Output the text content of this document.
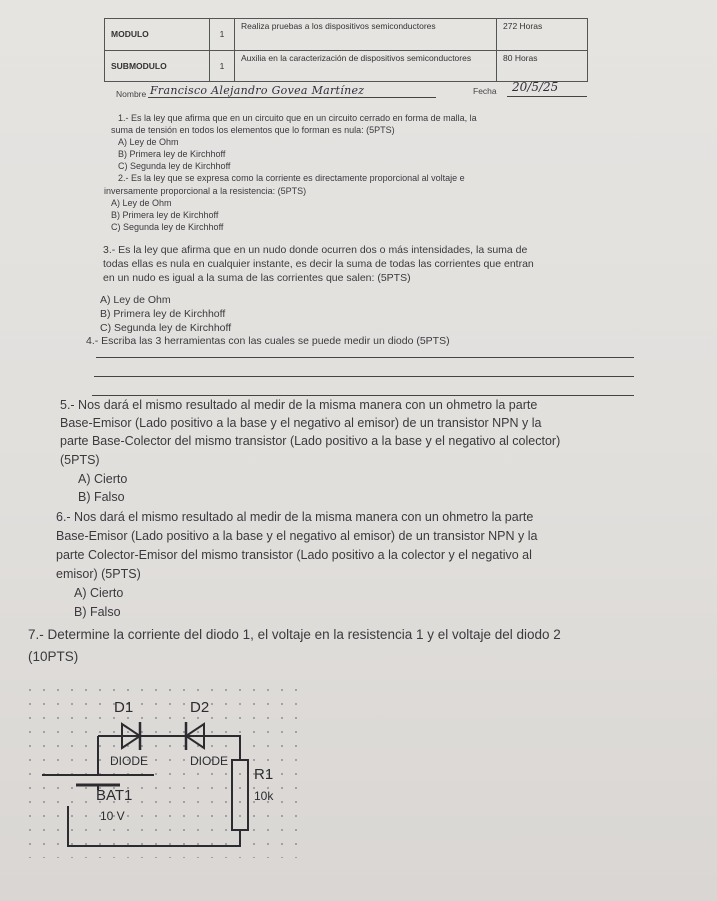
MODULO	1	Realiza pruebas a los dispositivos semiconductores	272 Horas
SUBMODULO	1	Auxilia en la caracterización de dispositivos semiconductores	80 Horas
Nombre Francisco Alejandro Govea Martínez	Fecha 20/5/25
1.- Es la ley que afirma que en un circuito que en un circuito cerrado en forma de malla, la
suma de tensión en todos los elementos que lo forman es nula: (5PTS)
A) Ley de Ohm
B) Primera ley de Kirchhoff
C) Segunda ley de Kirchhoff
2.- Es la ley que se expresa como la corriente es directamente proporcional al voltaje e
inversamente proporcional a la resistencia: (5PTS)
A) Ley de Ohm
B) Primera ley de Kirchhoff
C) Segunda ley de Kirchhoff
3.- Es la ley que afirma que en un nudo donde ocurren dos o más intensidades, la suma de
todas ellas es nula en cualquier instante, es decir la suma de todas las corrientes que entran
en un nudo es igual a la suma de las corrientes que salen: (5PTS)
A) Ley de Ohm
B) Primera ley de Kirchhoff
C) Segunda ley de Kirchhoff
4.- Escriba las 3 herramientas con las cuales se puede medir un diodo (5PTS)
5.- Nos dará el mismo resultado al medir de la misma manera con un ohmetro la parte
Base-Emisor (Lado positivo a la base y el negativo al emisor) de un transistor NPN y la
parte Base-Colector del mismo transistor (Lado positivo a la base y el negativo al colector)
(5PTS)
A) Cierto
B) Falso
6.- Nos dará el mismo resultado al medir de la misma manera con un ohmetro la parte
Base-Emisor (Lado positivo a la base y el negativo al emisor) de un transistor NPN y la
parte Colector-Emisor del mismo transistor (Lado positivo a la colector y el negativo al
emisor) (5PTS)
A) Cierto
B) Falso
7.- Determine la corriente del diodo 1, el voltaje en la resistencia 1 y el voltaje del diodo 2
(10PTS)
D1	D2
DIODE	DIODE
R1
10k
BAT1
10 V
